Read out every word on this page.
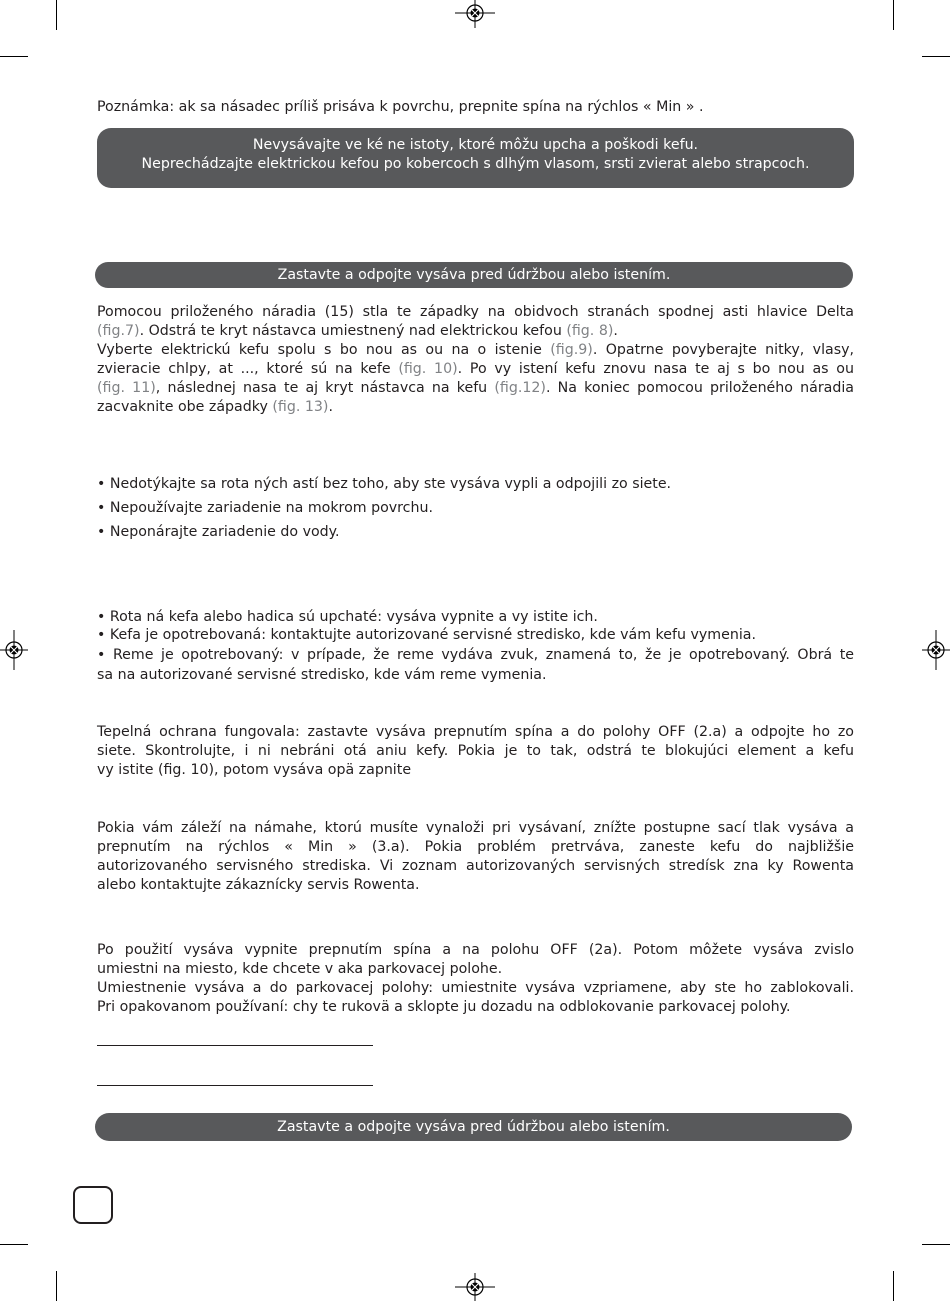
Poznámka: ak sa násadec príliš prisáva k povrchu, prepnite spína na rýchlos « Min » .
Nevysávajte ve ké ne istoty, ktoré môžu upcha a poškodi kefu.
Neprechádzajte elektrickou kefou po kobercoch s dlhým vlasom, srsti zvierat alebo strapcoch.
Zastavte a odpojte vysáva pred údržbou alebo istením.
Pomocou priloženého náradia (15) stla te západky na obidvoch stranách spodnej asti hlavice Delta
(fig.7). Odstrá te kryt nástavca umiestnený nad elektrickou kefou (fig. 8).
Vyberte elektrickú kefu spolu s bo nou as ou na o istenie (fig.9). Opatrne povyberajte nitky, vlasy,
zvieracie chlpy, at ..., ktoré sú na kefe (fig. 10). Po vy istení kefu znovu nasa te aj s bo nou as ou
(fig. 11), následnej nasa te aj kryt nástavca na kefu (fig.12). Na koniec pomocou priloženého náradia
zacvaknite obe západky (fig. 13).
• Nedotýkajte sa rota ných astí bez toho, aby ste vysáva vypli a odpojili zo siete.
• Nepoužívajte zariadenie na mokrom povrchu.
• Neponárajte zariadenie do vody.
• Rota ná kefa alebo hadica sú upchaté: vysáva vypnite a vy istite ich.
• Kefa je opotrebovaná: kontaktujte autorizované servisné stredisko, kde vám kefu vymenia.
• Reme je opotrebovaný: v prípade, že reme vydáva zvuk, znamená to, že je opotrebovaný. Obrá te
sa na autorizované servisné stredisko, kde vám reme vymenia.
Tepelná ochrana fungovala: zastavte vysáva prepnutím spína a do polohy OFF (2.a) a odpojte ho zo
siete. Skontrolujte, i ni nebráni otá aniu kefy. Pokia je to tak, odstrá te blokujúci element a kefu
vy istite (fig. 10), potom vysáva opä zapnite
Pokia vám záleží na námahe, ktorú musíte vynaloži pri vysávaní, znížte postupne sací tlak vysáva a
prepnutím na rýchlos « Min » (3.a). Pokia problém pretrváva, zaneste kefu do najbližšie
autorizovaného servisného strediska. Vi zoznam autorizovaných servisných stredísk zna ky Rowenta
alebo kontaktujte zákaznícky servis Rowenta.
Po použití vysáva vypnite prepnutím spína a na polohu OFF (2a). Potom môžete vysáva zvislo
umiestni na miesto, kde chcete v aka parkovacej polohe.
Umiestnenie vysáva a do parkovacej polohy: umiestnite vysáva vzpriamene, aby ste ho zablokovali.
Pri opakovanom používaní: chy te rukovä a sklopte ju dozadu na odblokovanie parkovacej polohy.
Zastavte a odpojte vysáva pred údržbou alebo istením.
